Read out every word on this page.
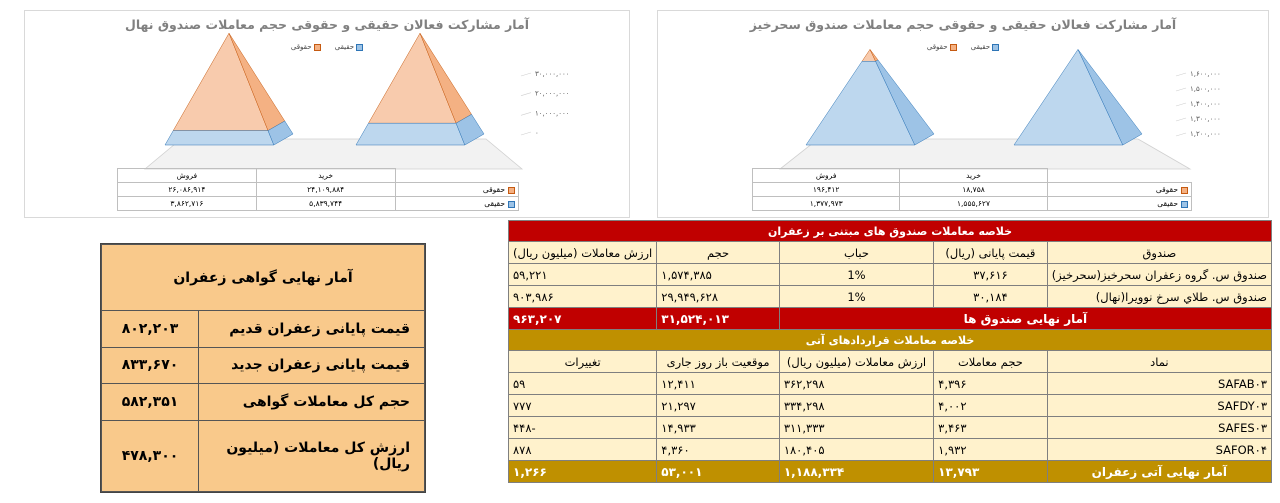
آمار مشارکت فعالان حقیقی و حقوقی حجم معاملات صندوق نهال
حقیقی حقوقی
۳۰,۰۰۰,۰۰۰
۲۰,۰۰۰,۰۰۰
۱۰,۰۰۰,۰۰۰
۰
	خرید	فروش
حقوقی	۲۴,۱۰۹,۸۸۴	۲۶,۰۸۶,۹۱۴
حقیقی	۵,۸۳۹,۷۴۴	۳,۸۶۲,۷۱۶
آمار مشارکت فعالان حقیقی و حقوقی حجم معاملات صندوق سحرخیز
حقیقی حقوقی
۱,۶۰۰,۰۰۰
۱,۵۰۰,۰۰۰
۱,۴۰۰,۰۰۰
۱,۳۰۰,۰۰۰
۱,۲۰۰,۰۰۰
	خرید	فروش
حقوقی	۱۸,۷۵۸	۱۹۶,۴۱۲
حقیقی	۱,۵۵۵,۶۲۷	۱,۳۷۷,۹۷۳
آمار نهایی گواهی زعفران	
قیمت پایانی زعفران قدیم	۸۰۲,۲۰۳
قیمت پایانی زعفران جدید	۸۳۳,۶۷۰
حجم کل معاملات گواهی	۵۸۲,۳۵۱
ارزش کل معاملات (میلیون ریال)	۴۷۸,۳۰۰
خلاصه معاملات صندوق های مبتنی بر زعفران				
صندوق	قیمت پایانی (ریال)	حباب	حجم	ارزش معاملات (میلیون ریال)
صندوق س. گروه زعفران سحرخیز(سحرخیز)	۳۷,۶۱۶	1%	۱,۵۷۴,۳۸۵	۵۹,۲۲۱
صندوق س. طلاي سرخ نوويرا(نهال)	۳۰,۱۸۴	1%	۲۹,۹۴۹,۶۲۸	۹۰۳,۹۸۶
آمار نهایی صندوق ها			۳۱,۵۲۴,۰۱۳	۹۶۳,۲۰۷
خلاصه معاملات قراردادهای آتی				
نماد	حجم معاملات	ارزش معاملات (میلیون ریال)	موقعیت باز روز جاری	تغییرات
SAFAB۰۳	۴,۳۹۶	۳۶۲,۲۹۸	۱۲,۴۱۱	۵۹
SAFDY۰۳	۴,۰۰۲	۳۳۴,۲۹۸	۲۱,۲۹۷	۷۷۷
SAFES۰۳	۳,۴۶۳	۳۱۱,۳۳۳	۱۴,۹۳۳	-۴۴۸
SAFOR۰۴	۱,۹۳۲	۱۸۰,۴۰۵	۴,۳۶۰	۸۷۸
آمار نهایی آتی زعفران	۱۳,۷۹۳	۱,۱۸۸,۳۳۴	۵۳,۰۰۱	۱,۲۶۶
